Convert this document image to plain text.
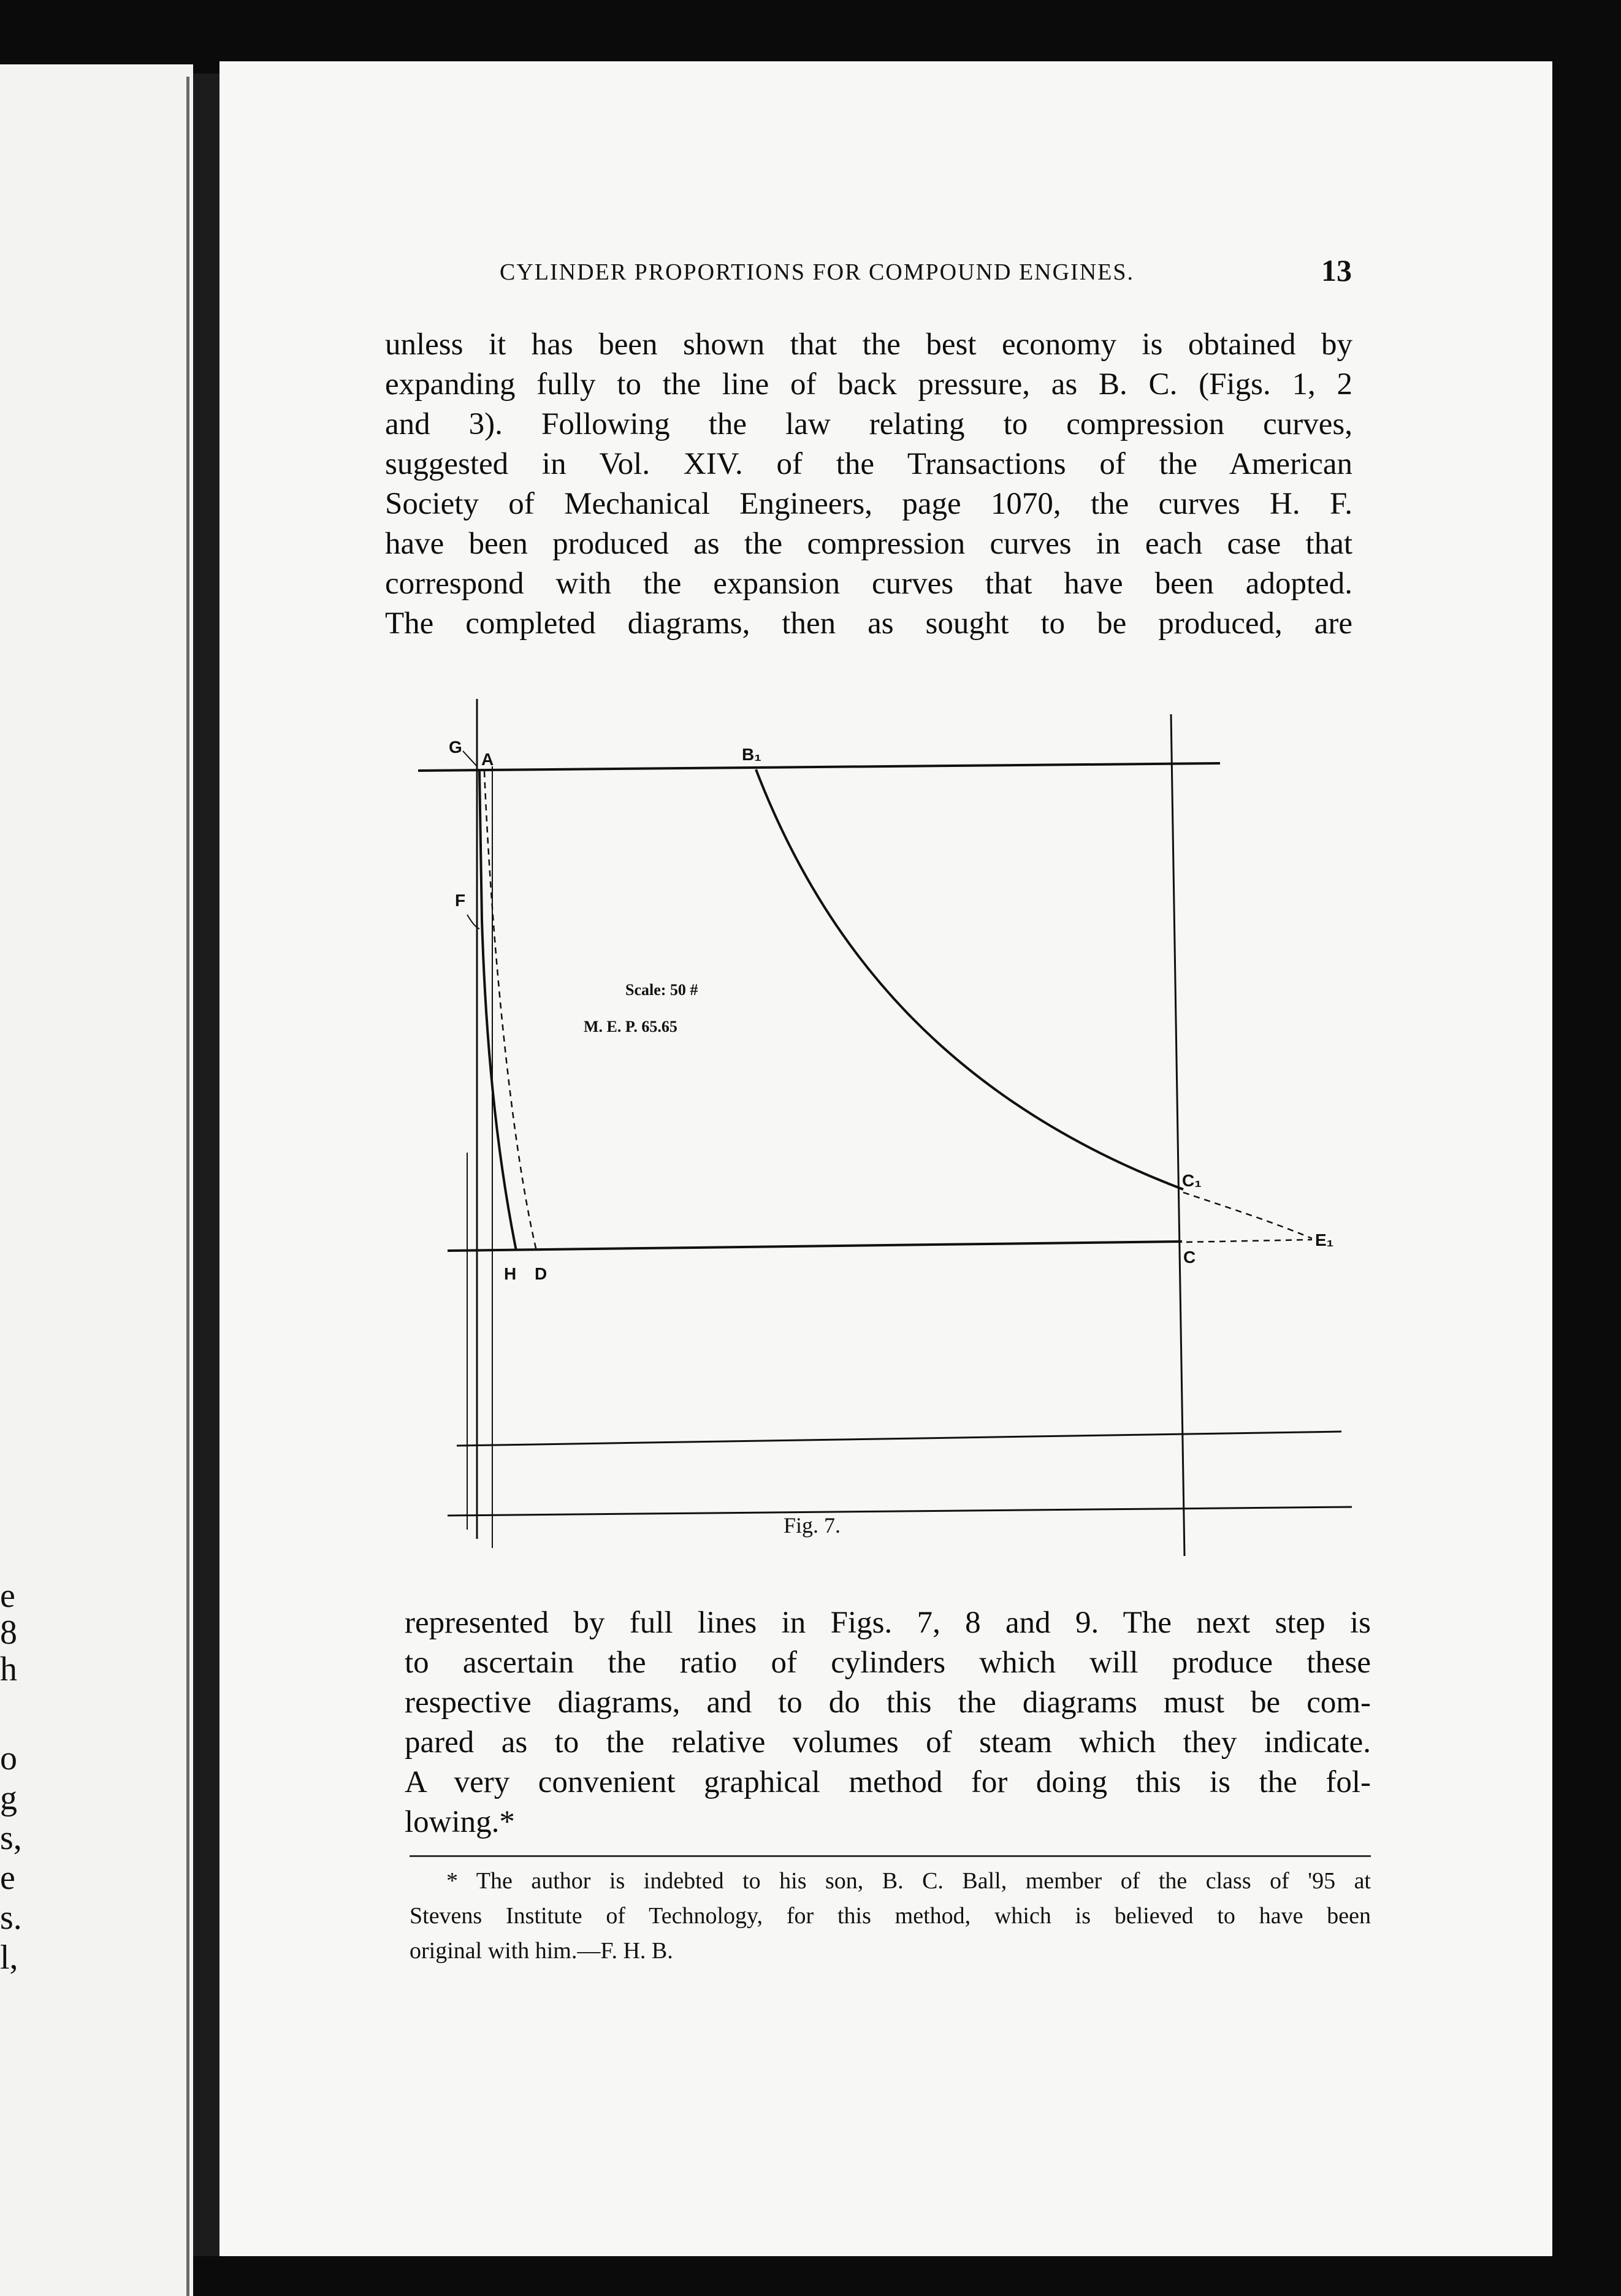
e
8
h
o
g
s,
e
s.
l,
CYLINDER PROPORTIONS FOR COMPOUND ENGINES.	13
unless it has been shown that the best economy is obtained by
expanding fully to the line of back pressure, as B. C. (Figs. 1, 2
and 3). Following the law relating to compression curves,
suggested in Vol. XIV. of the Transactions of the American
Society of Mechanical Engineers, page 1070, the curves H. F.
have been produced as the compression curves in each case that
correspond with the expansion curves that have been adopted.
The completed diagrams, then as sought to be produced, are
G
A	B₁
F
C₁
C
E₁
H D
Scale: 50 #
M. E. P. 65.65
Fig. 7.
represented by full lines in Figs. 7, 8 and 9. The next step is
to ascertain the ratio of cylinders which will produce these
respective diagrams, and to do this the diagrams must be com-
pared as to the relative volumes of steam which they indicate.
A very convenient graphical method for doing this is the fol-
lowing.*
* The author is indebted to his son, B. C. Ball, member of the class of '95 at
Stevens Institute of Technology, for this method, which is believed to have been
original with him.—F. H. B.
